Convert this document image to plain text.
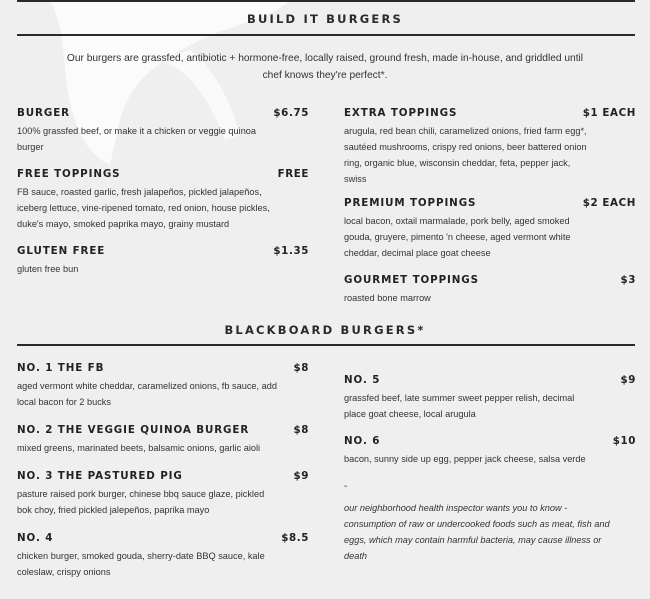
BUILD IT BURGERS
Our burgers are grassfed, antibiotic + hormone-free, locally raised, ground fresh, made in-house, and griddled until chef knows they're perfect*.
BURGER	$6.75
100% grassfed beef, or make it a chicken or veggie quinoa burger
FREE TOPPINGS	FREE
FB sauce, roasted garlic, fresh jalapeños, pickled jalapeños, iceberg lettuce, vine-ripened tomato, red onion, house pickles, duke's mayo, smoked paprika mayo, grainy mustard
GLUTEN FREE	$1.35
gluten free bun
EXTRA TOPPINGS	$1 EACH
arugula, red bean chili, caramelized onions, fried farm egg*, sautéed mushrooms, crispy red onions, beer battered onion ring, organic blue, wisconsin cheddar, feta, pepper jack, swiss
PREMIUM TOPPINGS	$2 EACH
local bacon, oxtail marmalade, pork belly, aged smoked gouda, gruyere, pimento 'n cheese, aged vermont white cheddar, decimal place goat cheese
GOURMET TOPPINGS	$3
roasted bone marrow
BLACKBOARD BURGERS*
NO. 1 THE FB	$8
aged vermont white cheddar, caramelized onions, fb sauce, add local bacon for 2 bucks
NO. 2 THE VEGGIE QUINOA BURGER	$8
mixed greens, marinated beets, balsamic onions, garlic aioli
NO. 3 THE PASTURED PIG	$9
pasture raised pork burger, chinese bbq sauce glaze, pickled bok choy, fried pickled jalepeños, paprika mayo
NO. 4	$8.5
chicken burger, smoked gouda, sherry-date BBQ sauce, kale coleslaw, crispy onions
NO. 5	$9
grassfed beef, late summer sweet pepper relish, decimal place goat cheese, local arugula
NO. 6	$10
bacon, sunny side up egg, pepper jack cheese, salsa verde
-
our neighborhood health inspector wants you to know - consumption of raw or undercooked foods such as meat, fish and eggs, which may contain harmful bacteria, may cause illness or death
